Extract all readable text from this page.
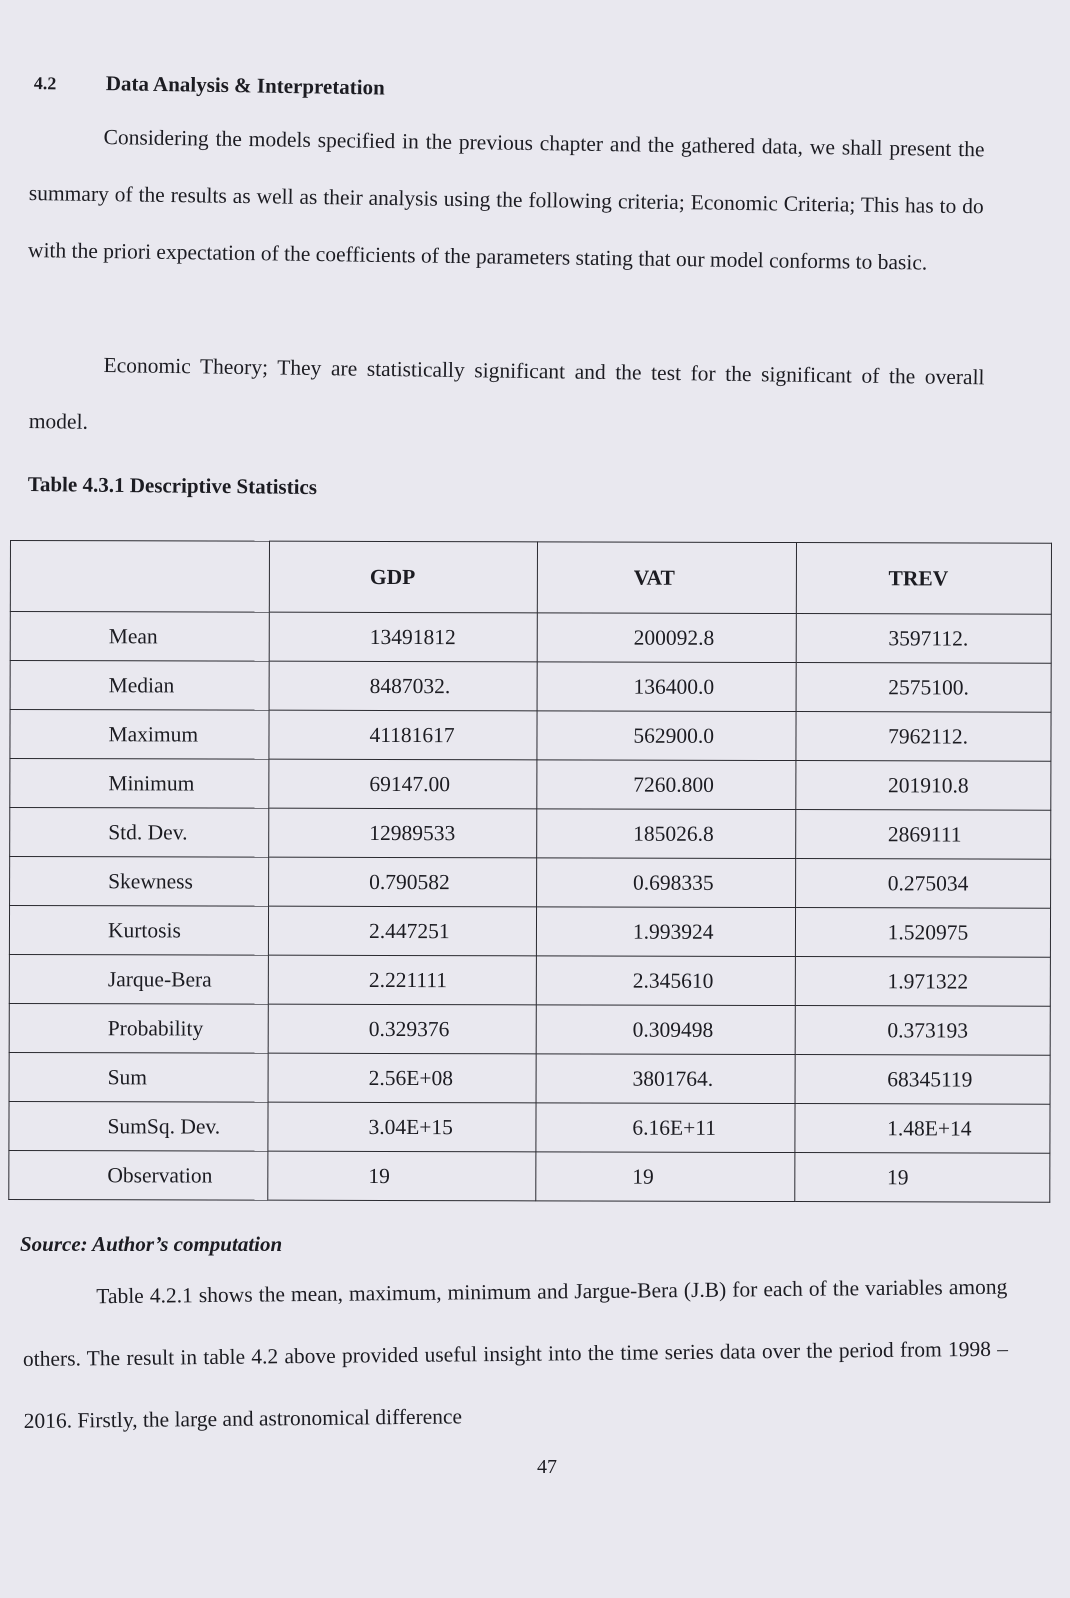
4.2 Data Analysis & Interpretation
Considering the models specified in the previous chapter and the gathered data, we shall present the summary of the results as well as their analysis using the following criteria; Economic Criteria; This has to do with the priori expectation of the coefficients of the parameters stating that our model conforms to basic.
Economic Theory; They are statistically significant and the test for the significant of the overall model.
Table 4.3.1 Descriptive Statistics
	GDP	VAT	TREV
Mean	13491812	200092.8	3597112.
Median	8487032.	136400.0	2575100.
Maximum	41181617	562900.0	7962112.
Minimum	69147.00	7260.800	201910.8
Std. Dev.	12989533	185026.8	2869111
Skewness	0.790582	0.698335	0.275034
Kurtosis	2.447251	1.993924	1.520975
Jarque-Bera	2.221111	2.345610	1.971322
Probability	0.329376	0.309498	0.373193
Sum	2.56E+08	3801764.	68345119
SumSq. Dev.	3.04E+15	6.16E+11	1.48E+14
Observation	19	19	19
Source: Author’s computation
Table 4.2.1 shows the mean, maximum, minimum and Jargue-Bera (J.B) for each of the variables among others. The result in table 4.2 above provided useful insight into the time series data over the period from 1998 –2016. Firstly, the large and astronomical difference
47
